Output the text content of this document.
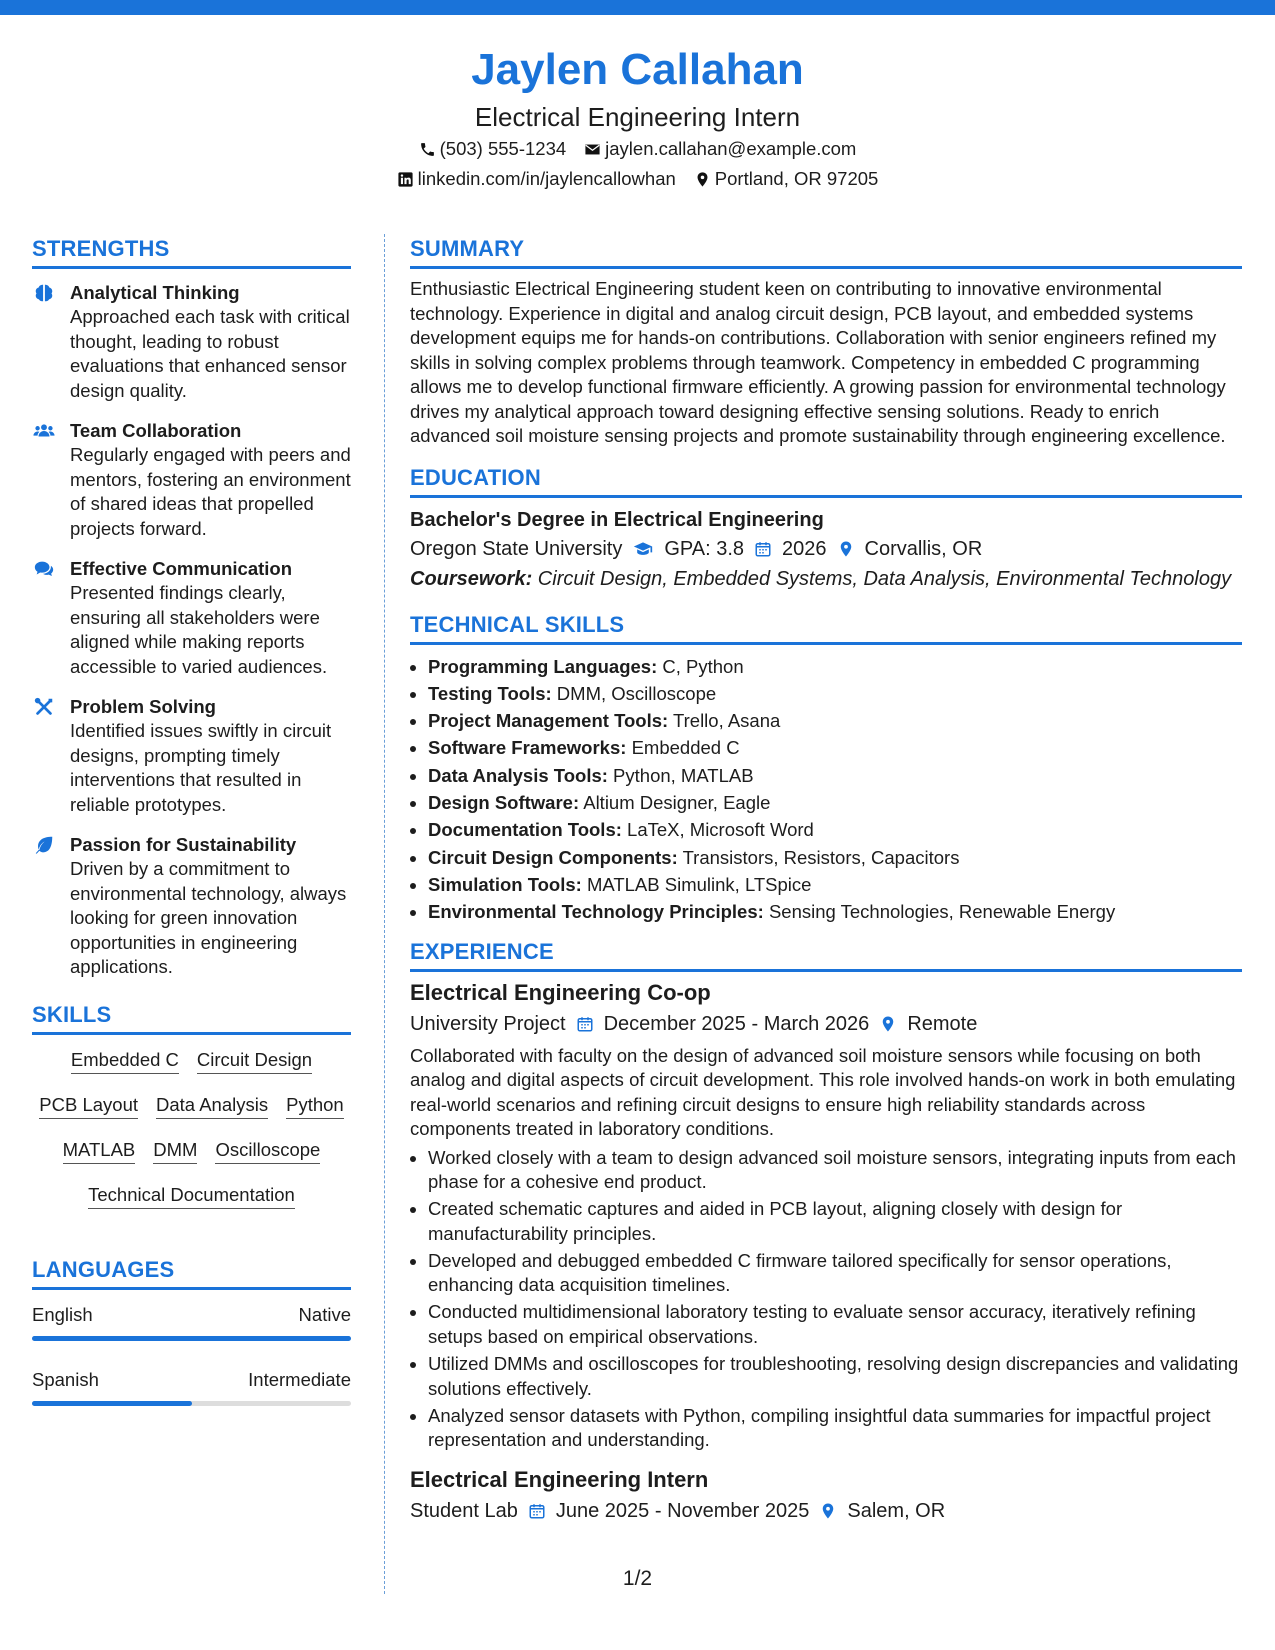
Jaylen Callahan
Electrical Engineering Intern
(503) 555-1234 jaylen.callahan@example.com
linkedin.com/in/jaylencallowhan Portland, OR 97205
STRENGTHS
Analytical Thinking
Approached each task with critical thought, leading to robust evaluations that enhanced sensor design quality.
Team Collaboration
Regularly engaged with peers and mentors, fostering an environment of shared ideas that propelled projects forward.
Effective Communication
Presented findings clearly, ensuring all stakeholders were aligned while making reports accessible to varied audiences.
Problem Solving
Identified issues swiftly in circuit designs, prompting timely interventions that resulted in reliable prototypes.
Passion for Sustainability
Driven by a commitment to environmental technology, always looking for green innovation opportunities in engineering applications.
SKILLS
Embedded C Circuit Design
PCB Layout Data Analysis Python
MATLAB DMM Oscilloscope
Technical Documentation
LANGUAGES
English	Native
Spanish	Intermediate
SUMMARY

Enthusiastic Electrical Engineering student keen on contributing to innovative environmental technology. Experience in digital and analog circuit design, PCB layout, and embedded systems development equips me for hands-on contributions. Collaboration with senior engineers refined my skills in solving complex problems through teamwork. Competency in embedded C programming allows me to develop functional firmware efficiently. A growing passion for environmental technology drives my analytical approach toward designing effective sensing solutions. Ready to enrich advanced soil moisture sensing projects and promote sustainability through engineering excellence.

EDUCATION
Bachelor's Degree in Electrical Engineering
Oregon State University GPA: 3.8 2026 Corvallis, OR
Coursework: Circuit Design, Embedded Systems, Data Analysis, Environmental Technology
TECHNICAL SKILLS
• Programming Languages: C, Python
• Testing Tools: DMM, Oscilloscope
• Project Management Tools: Trello, Asana
• Software Frameworks: Embedded C
• Data Analysis Tools: Python, MATLAB
• Design Software: Altium Designer, Eagle
• Documentation Tools: LaTeX, Microsoft Word
• Circuit Design Components: Transistors, Resistors, Capacitors
• Simulation Tools: MATLAB Simulink, LTSpice
• Environmental Technology Principles: Sensing Technologies, Renewable Energy
EXPERIENCE
Electrical Engineering Co-op
University Project December 2025 - March 2026 Remote
Collaborated with faculty on the design of advanced soil moisture sensors while focusing on both analog and digital aspects of circuit development. This role involved hands-on work in both emulating real-world scenarios and refining circuit designs to ensure high reliability standards across components treated in laboratory conditions.
• Worked closely with a team to design advanced soil moisture sensors, integrating inputs from each phase for a cohesive end product.
• Created schematic captures and aided in PCB layout, aligning closely with design for manufacturability principles.
• Developed and debugged embedded C firmware tailored specifically for sensor operations, enhancing data acquisition timelines.
• Conducted multidimensional laboratory testing to evaluate sensor accuracy, iteratively refining setups based on empirical observations.
• Utilized DMMs and oscilloscopes for troubleshooting, resolving design discrepancies and validating solutions effectively.
• Analyzed sensor datasets with Python, compiling insightful data summaries for impactful project representation and understanding.
Electrical Engineering Intern
Student Lab June 2025 - November 2025 Salem, OR
1/2
